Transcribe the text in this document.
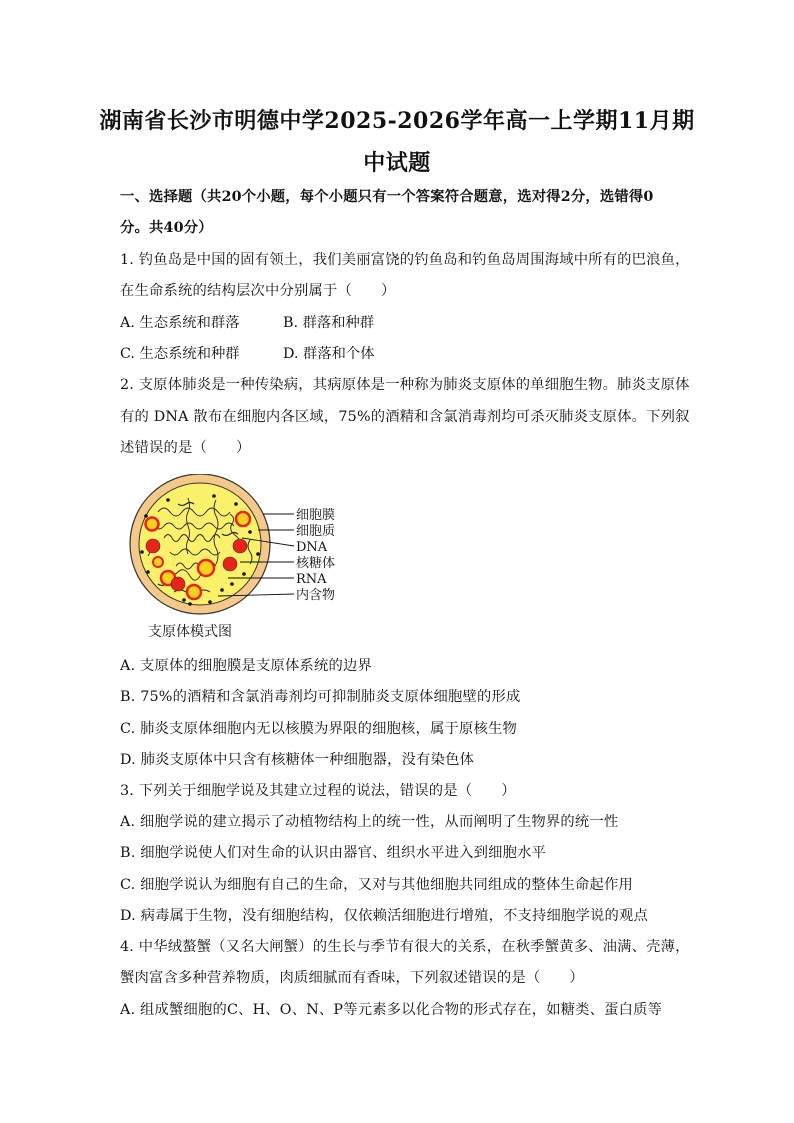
湖南省长沙市明德中学2025-2026学年高一上学期11月期
中试题
一、选择题（共20个小题，每个小题只有一个答案符合题意，选对得2分，选错得0
分。共40分）
1. 钓鱼岛是中国的固有领土，我们美丽富饶的钓鱼岛和钓鱼岛周围海域中所有的巴浪鱼，
在生命系统的结构层次中分别属于（　　）
A. 生态系统和群落	B. 群落和种群
C. 生态系统和种群	D. 群落和个体
2. 支原体肺炎是一种传染病，其病原体是一种称为肺炎支原体的单细胞生物。肺炎支原体
有的 DNA 散布在细胞内各区域，75%的酒精和含氯消毒剂均可杀灭肺炎支原体。下列叙
述错误的是（　　）
细胞膜
细胞质
DNA
核糖体
RNA
内含物
支原体模式图
A. 支原体的细胞膜是支原体系统的边界
B. 75%的酒精和含氯消毒剂均可抑制肺炎支原体细胞壁的形成
C. 肺炎支原体细胞内无以核膜为界限的细胞核，属于原核生物
D. 肺炎支原体中只含有核糖体一种细胞器，没有染色体
3. 下列关于细胞学说及其建立过程的说法，错误的是（　　）
A. 细胞学说的建立揭示了动植物结构上的统一性，从而阐明了生物界的统一性
B. 细胞学说使人们对生命的认识由器官、组织水平进入到细胞水平
C. 细胞学说认为细胞有自己的生命，又对与其他细胞共同组成的整体生命起作用
D. 病毒属于生物，没有细胞结构，仅依赖活细胞进行增殖，不支持细胞学说的观点
4. 中华绒螯蟹（又名大闸蟹）的生长与季节有很大的关系，在秋季蟹黄多、油满、壳薄，
蟹肉富含多种营养物质，肉质细腻而有香味，下列叙述错误的是（　　）
A. 组成蟹细胞的C、H、O、N、P等元素多以化合物的形式存在，如糖类、蛋白质等
